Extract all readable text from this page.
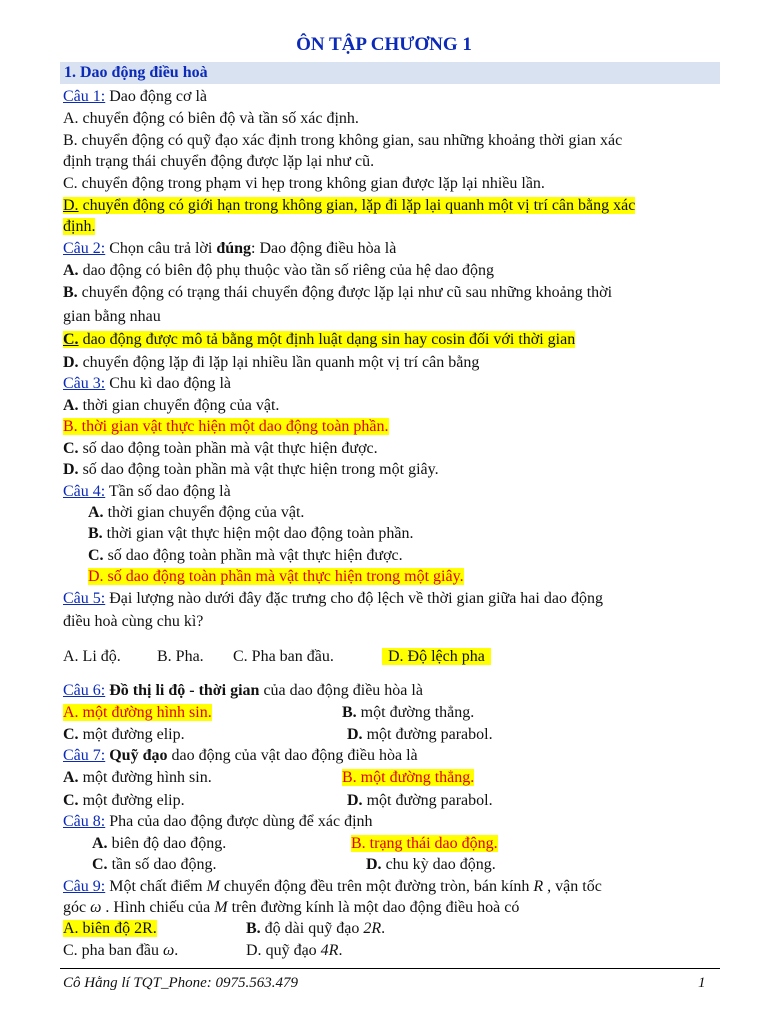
ÔN TẬP CHƯƠNG 1
1. Dao động điều hoà
Câu 1: Dao động cơ là
A. chuyển động có biên độ và tần số xác định.
B. chuyển động có quỹ đạo xác định trong không gian, sau những khoảng thời gian xác
định trạng thái chuyển động được lặp lại như cũ.
C. chuyển động trong phạm vi hẹp trong không gian được lặp lại nhiều lần.
D. chuyển động có giới hạn trong không gian, lặp đi lặp lại quanh một vị trí cân bằng xác
định.
Câu 2: Chọn câu trả lời đúng: Dao động điều hòa là
A. dao động có biên độ phụ thuộc vào tần số riêng của hệ dao động
B. chuyển động có trạng thái chuyển động được lặp lại như cũ sau những khoảng thời
gian bằng nhau
C. dao động được mô tả bằng một định luật dạng sin hay cosin đối với thời gian
D. chuyển động lặp đi lặp lại nhiều lần quanh một vị trí cân bằng
Câu 3: Chu kì dao động là
A. thời gian chuyển động của vật.
B. thời gian vật thực hiện một dao động toàn phần.
C. số dao động toàn phần mà vật thực hiện được.
D. số dao động toàn phần mà vật thực hiện trong một giây.
Câu 4: Tần số dao động là
A. thời gian chuyển động của vật.
B. thời gian vật thực hiện một dao động toàn phần.
C. số dao động toàn phần mà vật thực hiện được.
D. số dao động toàn phần mà vật thực hiện trong một giây.
Câu 5: Đại lượng nào dưới đây đặc trưng cho độ lệch về thời gian giữa hai dao động
điều hoà cùng chu kì?
A. Li độ. B. Pha. C. Pha ban đầu.	D. Độ lệch pha
Câu 6: Đồ thị li độ - thời gian của dao động điều hòa là
A. một đường hình sin.	B. một đường thẳng.
C. một đường elip.	D. một đường parabol.
Câu 7: Quỹ đạo dao động của vật dao động điều hòa là
A. một đường hình sin.	B. một đường thẳng.
C. một đường elip.	D. một đường parabol.
Câu 8: Pha của dao động được dùng để xác định
A. biên độ dao động.	B. trạng thái dao động.
C. tần số dao động.	D. chu kỳ dao động.
Câu 9: Một chất điểm M chuyển động đều trên một đường tròn, bán kính R , vận tốc
góc ω . Hình chiếu của M trên đường kính là một dao động điều hoà có
A. biên độ 2R.	B. độ dài quỹ đạo 2R.
C. pha ban đầu ω.	D. quỹ đạo 4R.
Cô Hằng lí TQT_Phone: 0975.563.479	1
